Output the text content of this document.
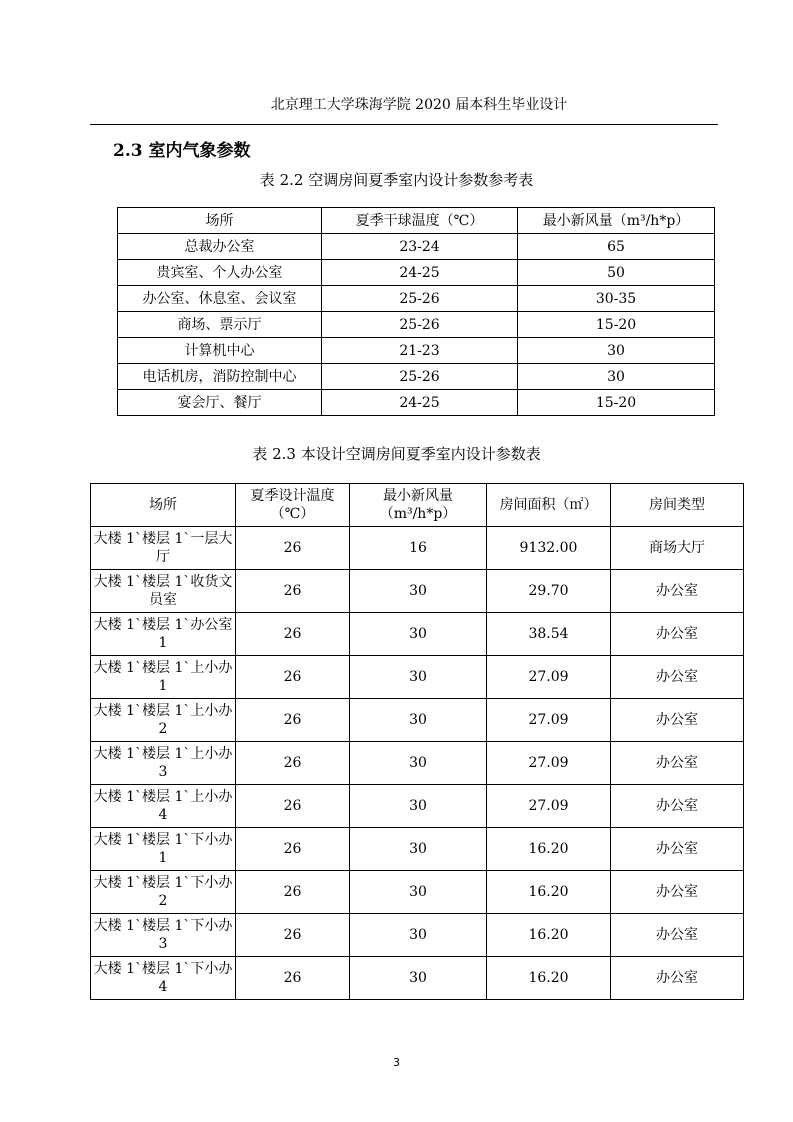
北京理工大学珠海学院 2020 届本科生毕业设计
2.3 室内气象参数
表 2.2 空调房间夏季室内设计参数参考表
场所	夏季干球温度（℃）	最小新风量（m³/h*p）
总裁办公室	23-24	65
贵宾室、个人办公室	24-25	50
办公室、休息室、会议室	25-26	30-35
商场、票示厅	25-26	15-20
计算机中心	21-23	30
电话机房，消防控制中心	25-26	30
宴会厅、餐厅	24-25	15-20
表 2.3 本设计空调房间夏季室内设计参数表
场所	夏季设计温度（℃）	最小新风量（m³/h*p）	房间面积（㎡）	房间类型
大楼 1`楼层 1`一层大厅	26	16	9132.00	商场大厅
大楼 1`楼层 1`收货文员室	26	30	29.70	办公室
大楼 1`楼层 1`办公室 1	26	30	38.54	办公室
大楼 1`楼层 1`上小办 1	26	30	27.09	办公室
大楼 1`楼层 1`上小办 2	26	30	27.09	办公室
大楼 1`楼层 1`上小办 3	26	30	27.09	办公室
大楼 1`楼层 1`上小办 4	26	30	27.09	办公室
大楼 1`楼层 1`下小办 1	26	30	16.20	办公室
大楼 1`楼层 1`下小办 2	26	30	16.20	办公室
大楼 1`楼层 1`下小办 3	26	30	16.20	办公室
大楼 1`楼层 1`下小办 4	26	30	16.20	办公室
3
